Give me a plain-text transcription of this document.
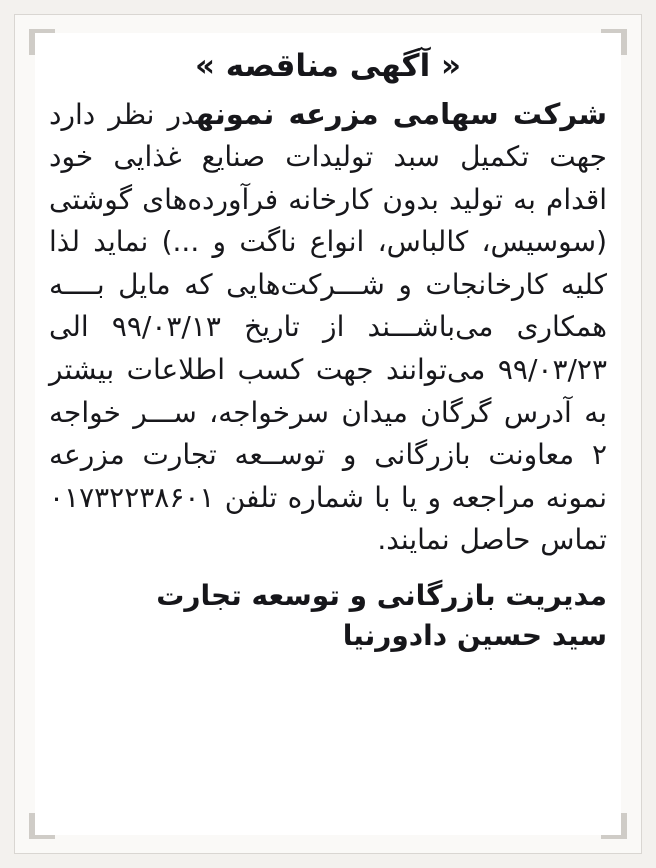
« آگهی مناقصه »
شرکت سهامی مزرعه نمونهدر نظر دارد جهت تکمیل سبد تولیدات صنایع غذایی خود اقدام به تولید بدون کارخانه فرآورده‌های گوشتی (سوسیس، کالباس، انواع ناگت و ...) نماید لذا کلیه کارخانجات و شـــرکت‌هایی که مایل بــــه همکاری می‌باشـــند از تاریخ ۹۹/۰۳/۱۳ الی ۹۹/۰۳/۲۳ می‌توانند جهت کسب اطلاعات بیشتر به آدرس گرگان میدان سرخواجه، ســـر خواجه ۲ معاونت بازرگانی و توســعه تجارت مزرعه نمونه مراجعه و یا با شماره تلفن ۰۱۷۳۲۲۳۸۶۰۱ تماس حاصل نمایند.
مدیریت بازرگانی و توسعه تجارت
سید حسین دادورنیا
